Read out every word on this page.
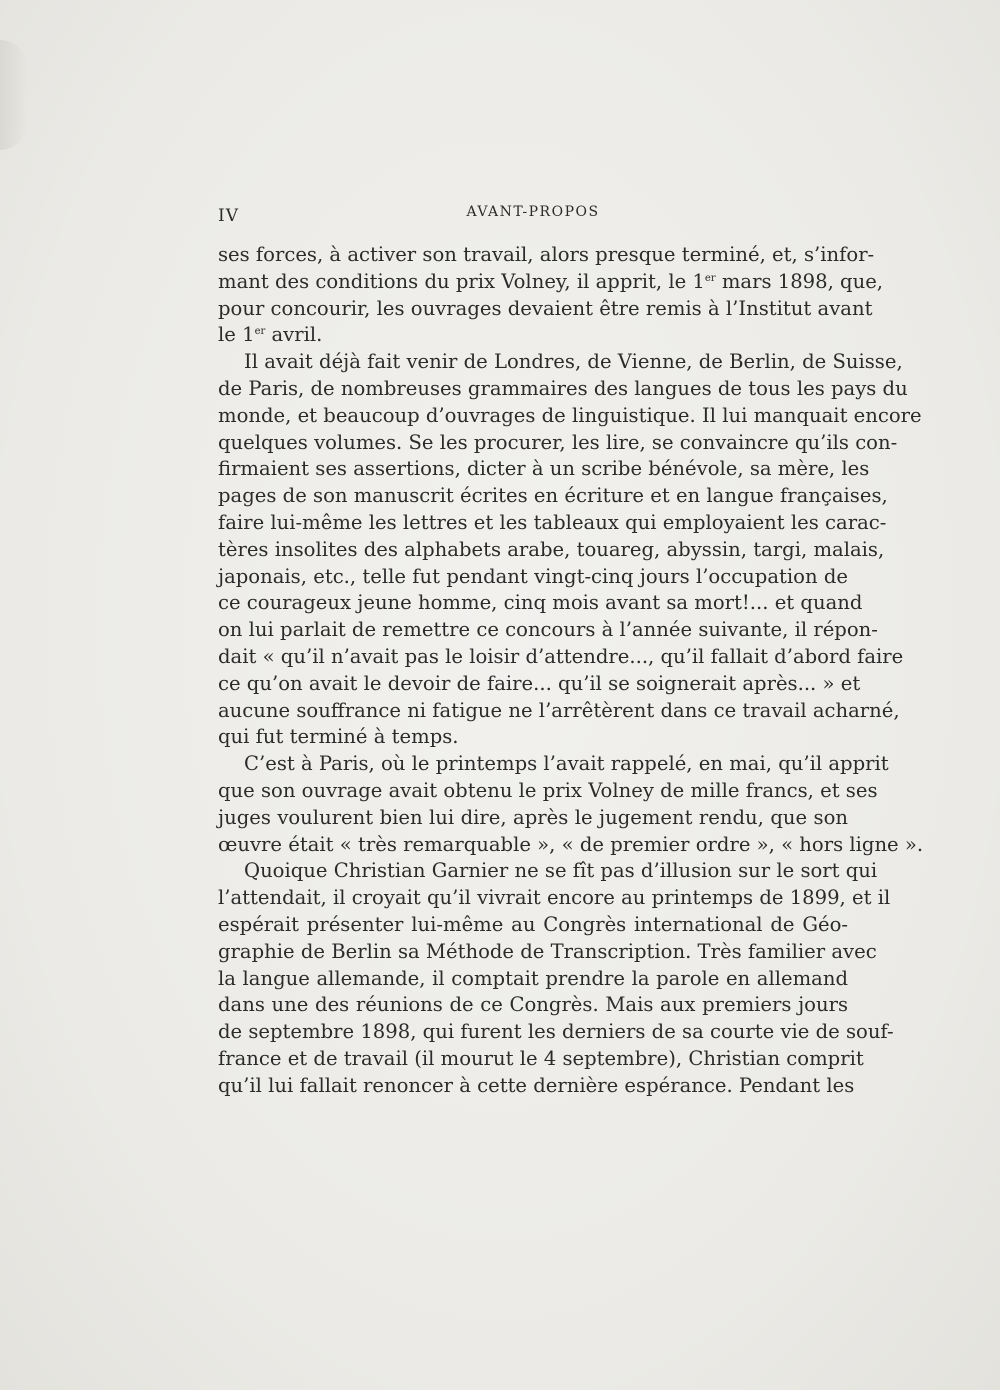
IV	AVANT-PROPOS
ses forces, à activer son travail, alors presque terminé, et, s’infor-
mant des conditions du prix Volney, il apprit, le 1er mars 1898, que,
pour concourir, les ouvrages devaient être remis à l’Institut avant
le 1er avril.
Il avait déjà fait venir de Londres, de Vienne, de Berlin, de Suisse,
de Paris, de nombreuses grammaires des langues de tous les pays du
monde, et beaucoup d’ouvrages de linguistique. Il lui manquait encore
quelques volumes. Se les procurer, les lire, se convaincre qu’ils con-
firmaient ses assertions, dicter à un scribe bénévole, sa mère, les
pages de son manuscrit écrites en écriture et en langue françaises,
faire lui-même les lettres et les tableaux qui employaient les carac-
tères insolites des alphabets arabe, touareg, abyssin, targi, malais,
japonais, etc., telle fut pendant vingt-cinq jours l’occupation de
ce courageux jeune homme, cinq mois avant sa mort!... et quand
on lui parlait de remettre ce concours à l’année suivante, il répon-
dait « qu’il n’avait pas le loisir d’attendre..., qu’il fallait d’abord faire
ce qu’on avait le devoir de faire... qu’il se soignerait après... » et
aucune souffrance ni fatigue ne l’arrêtèrent dans ce travail acharné,
qui fut terminé à temps.
C’est à Paris, où le printemps l’avait rappelé, en mai, qu’il apprit
que son ouvrage avait obtenu le prix Volney de mille francs, et ses
juges voulurent bien lui dire, après le jugement rendu, que son
œuvre était « très remarquable », « de premier ordre », « hors ligne ».
Quoique Christian Garnier ne se fît pas d’illusion sur le sort qui
l’attendait, il croyait qu’il vivrait encore au printemps de 1899, et il
espérait présenter lui-même au Congrès international de Géo-
graphie de Berlin sa Méthode de Transcription. Très familier avec
la langue allemande, il comptait prendre la parole en allemand
dans une des réunions de ce Congrès. Mais aux premiers jours
de septembre 1898, qui furent les derniers de sa courte vie de souf-
france et de travail (il mourut le 4 septembre), Christian comprit
qu’il lui fallait renoncer à cette dernière espérance. Pendant les
